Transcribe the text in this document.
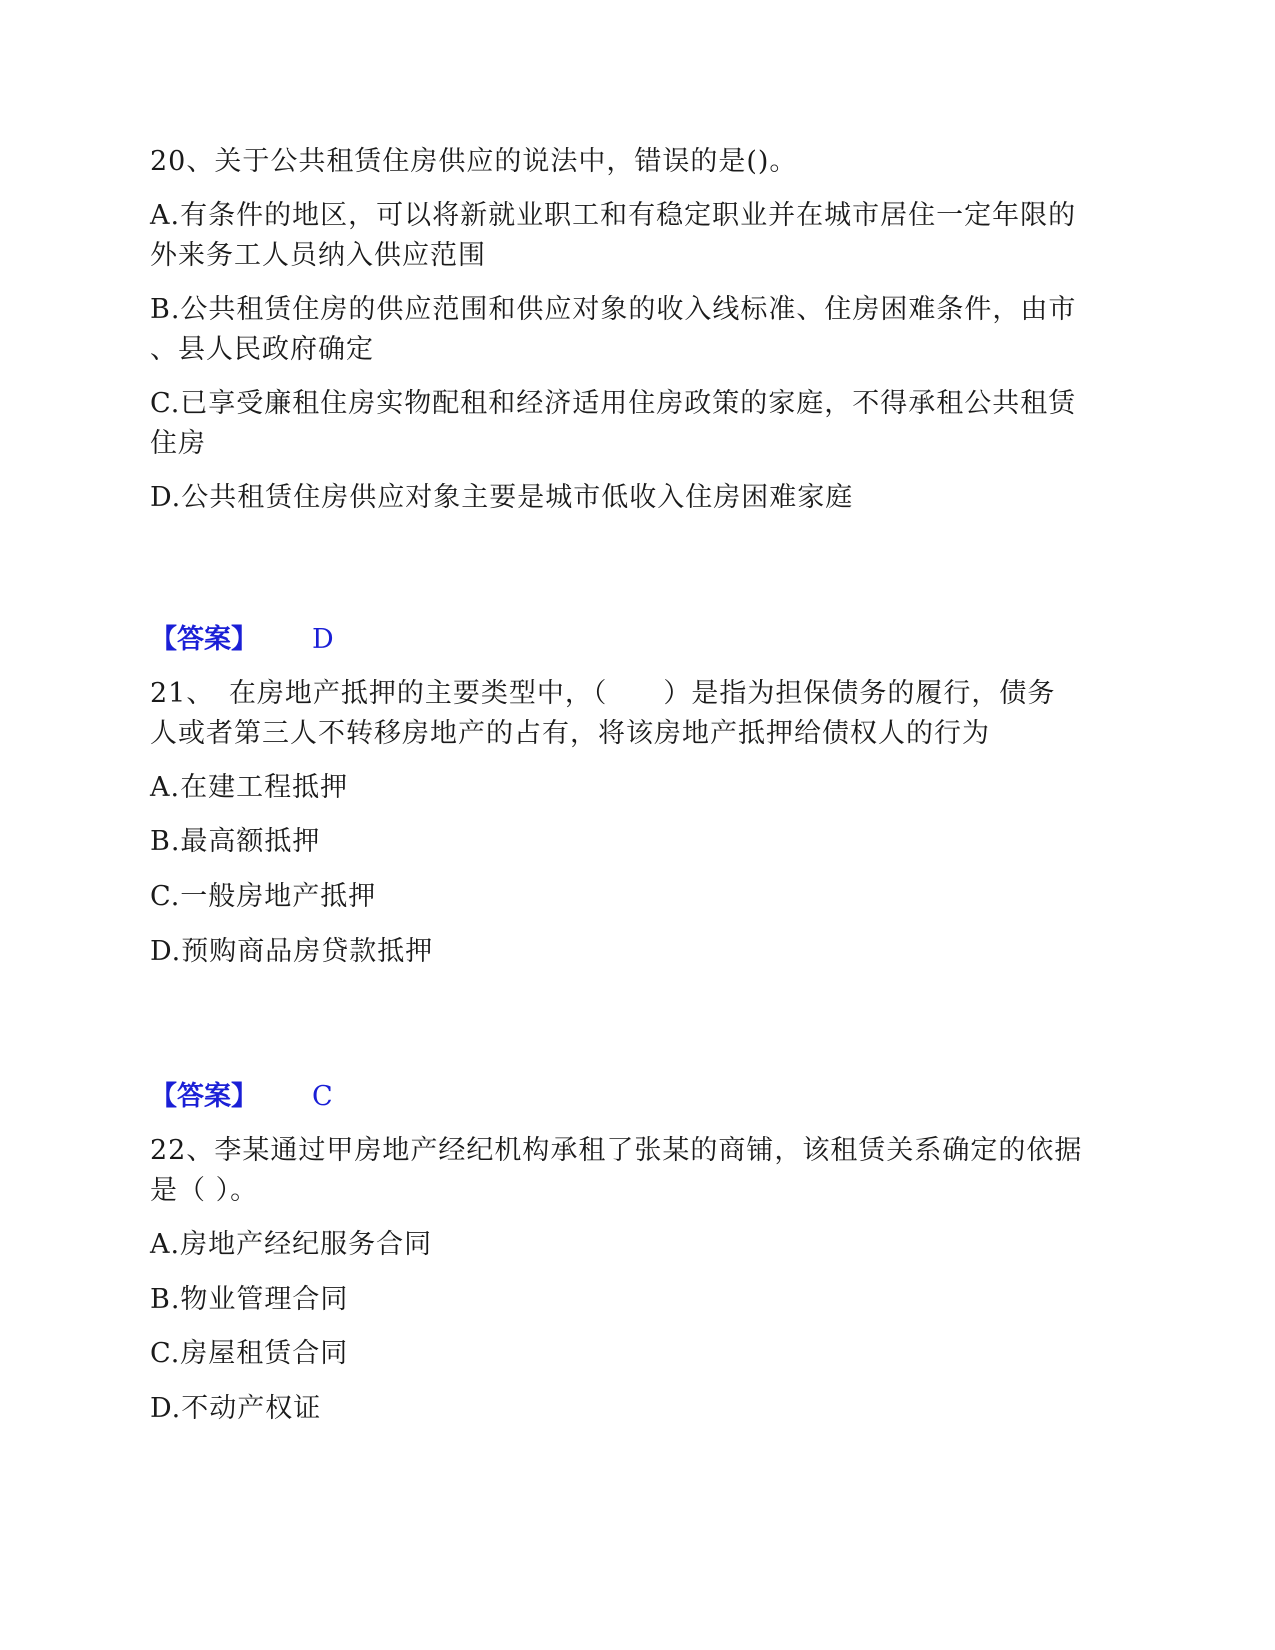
20、关于公共租赁住房供应的说法中，错误的是()。
A.有条件的地区，可以将新就业职工和有稳定职业并在城市居住一定年限的
外来务工人员纳入供应范围
B.公共租赁住房的供应范围和供应对象的收入线标准、住房困难条件，由市
、县人民政府确定
C.已享受廉租住房实物配租和经济适用住房政策的家庭，不得承租公共租赁
住房
D.公共租赁住房供应对象主要是城市低收入住房困难家庭
【答案】 D
21、　在房地产抵押的主要类型中，（　　）是指为担保债务的履行，债务
人或者第三人不转移房地产的占有，将该房地产抵押给债权人的行为
A.在建工程抵押
B.最高额抵押
C.一般房地产抵押
D.预购商品房贷款抵押
【答案】 C
22、李某通过甲房地产经纪机构承租了张某的商铺，该租赁关系确定的依据
是（ ）。
A.房地产经纪服务合同
B.物业管理合同
C.房屋租赁合同
D.不动产权证
